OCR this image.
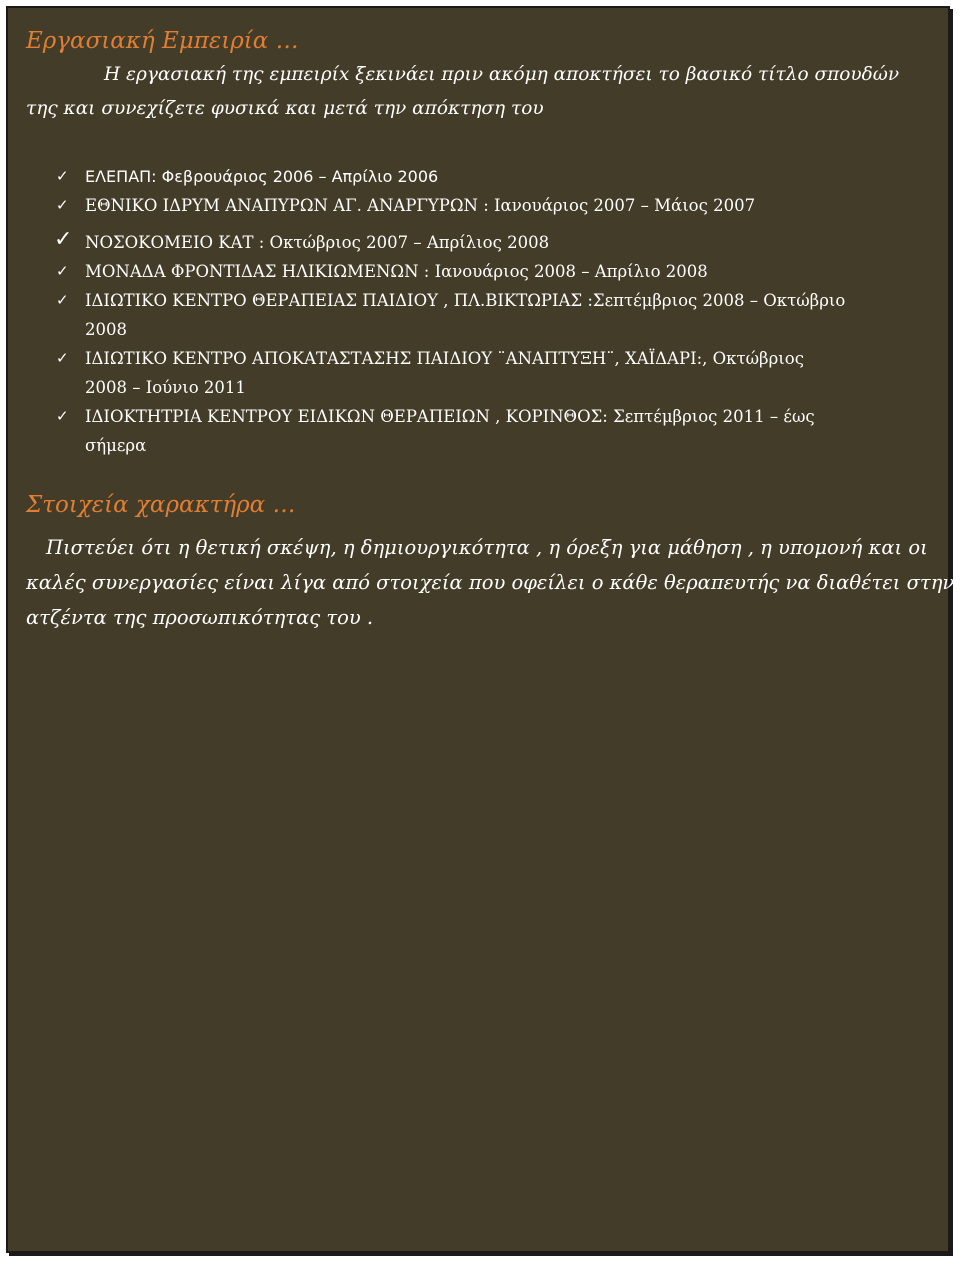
Εργασιακή Εμπειρία …
Η εργασιακή της εμπειρίx ξεκινάει πριν ακόμη αποκτήσει το βασικό τίτλο σπουδών
της και συνεχίζετε φυσικά και μετά την απόκτηση του
✓ ΕΛΕΠΑΠ: Φεβρουάριος 2006 – Απρίλιο 2006
✓ ΕΘΝΙΚΟ ΙΔΡΥΜ ΑΝΑΠΥΡΩΝ ΑΓ. ΑΝΑΡΓΥΡΩΝ : Ιανουάριος 2007 – Μάιος 2007
✓ ΝΟΣΟΚΟΜΕΙΟ ΚΑΤ : Οκτώβριος 2007 – Απρίλιος 2008
✓ ΜΟΝΑΔΑ ΦΡΟΝΤΙΔΑΣ ΗΛΙΚΙΩΜΕΝΩΝ : Ιανουάριος 2008 – Απρίλιο 2008
✓ ΙΔΙΩΤΙΚΟ ΚΕΝΤΡΟ ΘΕΡΑΠΕΙΑΣ ΠΑΙΔΙΟΥ , ΠΛ.ΒΙΚΤΩΡΙΑΣ :Σεπτέμβριος 2008 – Οκτώβριο
2008
✓ ΙΔΙΩΤΙΚΟ ΚΕΝΤΡΟ ΑΠΟΚΑΤΑΣΤΑΣΗΣ ΠΑΙΔΙΟΥ ¨ΑΝΑΠΤΥΞΗ¨, ΧΑΪΔΑΡΙ:, Οκτώβριος
2008 – Ιούνιο 2011
✓ ΙΔΙΟΚΤΗΤΡΙΑ ΚΕΝΤΡΟΥ ΕΙΔΙΚΩΝ ΘΕΡΑΠΕΙΩΝ , ΚΟΡΙΝΘΟΣ: Σεπτέμβριος 2011 – έως
σήμερα
Στοιχεία χαρακτήρα …
Πιστεύει ότι η θετική σκέψη, η δημιουργικότητα , η όρεξη για μάθηση , η υπομονή και οι
καλές συνεργασίες είναι λίγα από στοιχεία που οφείλει ο κάθε θεραπευτής να διαθέτει στην
ατζέντα της προσωπικότητας του .
